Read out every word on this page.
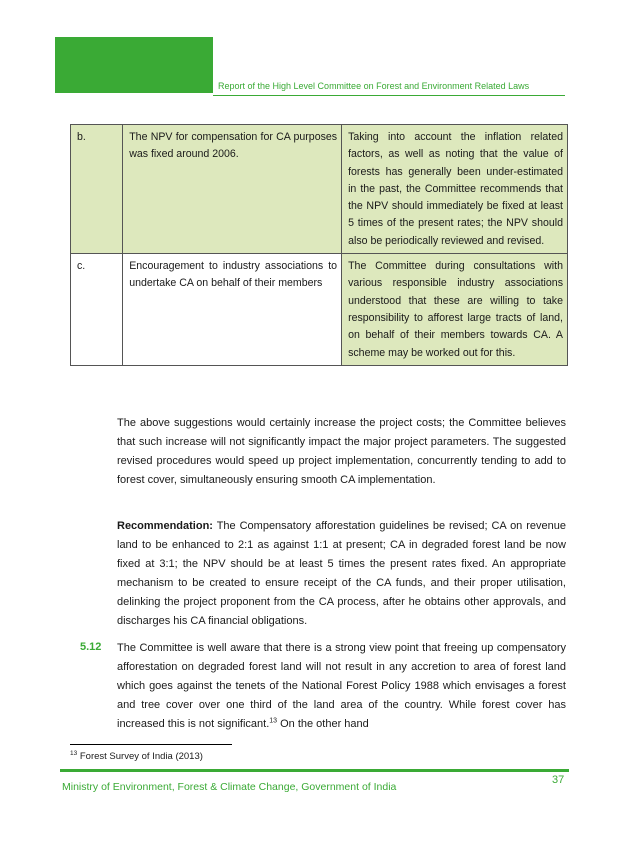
Report of the High Level Committee on Forest and Environment Related Laws
b.	The NPV for compensation for CA purposes was fixed around 2006.	Taking into account the inflation related factors, as well as noting that the value of forests has generally been under-estimated in the past, the Committee recommends that the NPV should immediately be fixed at least 5 times of the present rates; the NPV should also be periodically reviewed and revised.

c.	Encouragement to industry associations to undertake CA on behalf of their members	The Committee during consultations with various responsible industry associations understood that these are willing to take responsibility to afforest large tracts of land, on behalf of their members towards CA. A scheme may be worked out for this.

The above suggestions would certainly increase the project costs; the Committee believes that such increase will not significantly impact the major project parameters. The suggested revised procedures would speed up project implementation, concurrently tending to add to forest cover, simultaneously ensuring smooth CA implementation.

Recommendation: The Compensatory afforestation guidelines be revised; CA on revenue land to be enhanced to 2:1 as against 1:1 at present; CA in degraded forest land be now fixed at 3:1; the NPV should be at least 5 times the present rates fixed. An appropriate mechanism to be created to ensure receipt of the CA funds, and their proper utilisation, delinking the project proponent from the CA process, after he obtains other approvals, and discharges his CA financial obligations.

5.12 The Committee is well aware that there is a strong view point that freeing up compensatory afforestation on degraded forest land will not result in any accretion to area of forest land which goes against the tenets of the National Forest Policy 1988 which envisages a forest and tree cover over one third of the land area of the country. While forest cover has increased this is not significant.$^{13}$ On the other hand

$^{13}$ Forest Survey of India (2013)
37
Ministry of Environment, Forest & Climate Change, Government of India
